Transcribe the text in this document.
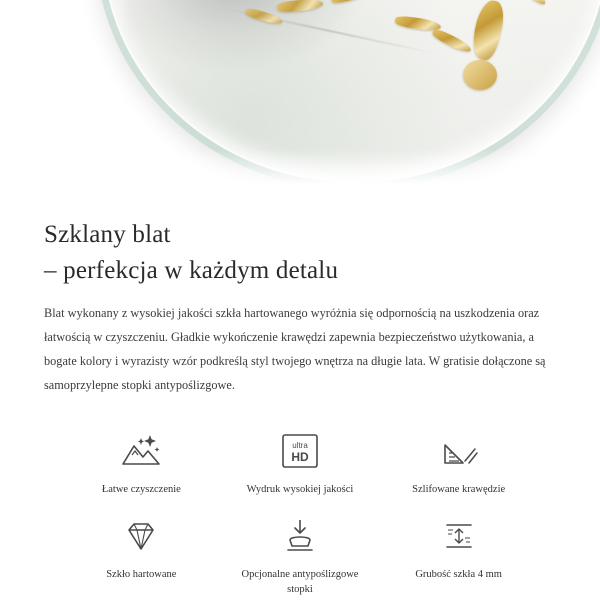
Szklany blat
– perfekcja w każdym detalu

Blat wykonany z wysokiej jakości szkła hartowanego wyróżnia się odpornością na uszkodzenia oraz łatwością w czyszczeniu. Gładkie wykończenie krawędzi zapewnia bezpieczeństwo użytkowania, a bogate kolory i wyrazisty wzór podkreślą styl twojego wnętrza na długie lata. W gratisie dołączone są samoprzylepne stopki antypoślizgowe.

Łatwe czyszczenie
ultra
HD
Wydruk wysokiej jakości	Szlifowane krawędzie
Szkło hartowane	Opcjonalne antypoślizgowe stopki
Grubość szkła 4 mm
